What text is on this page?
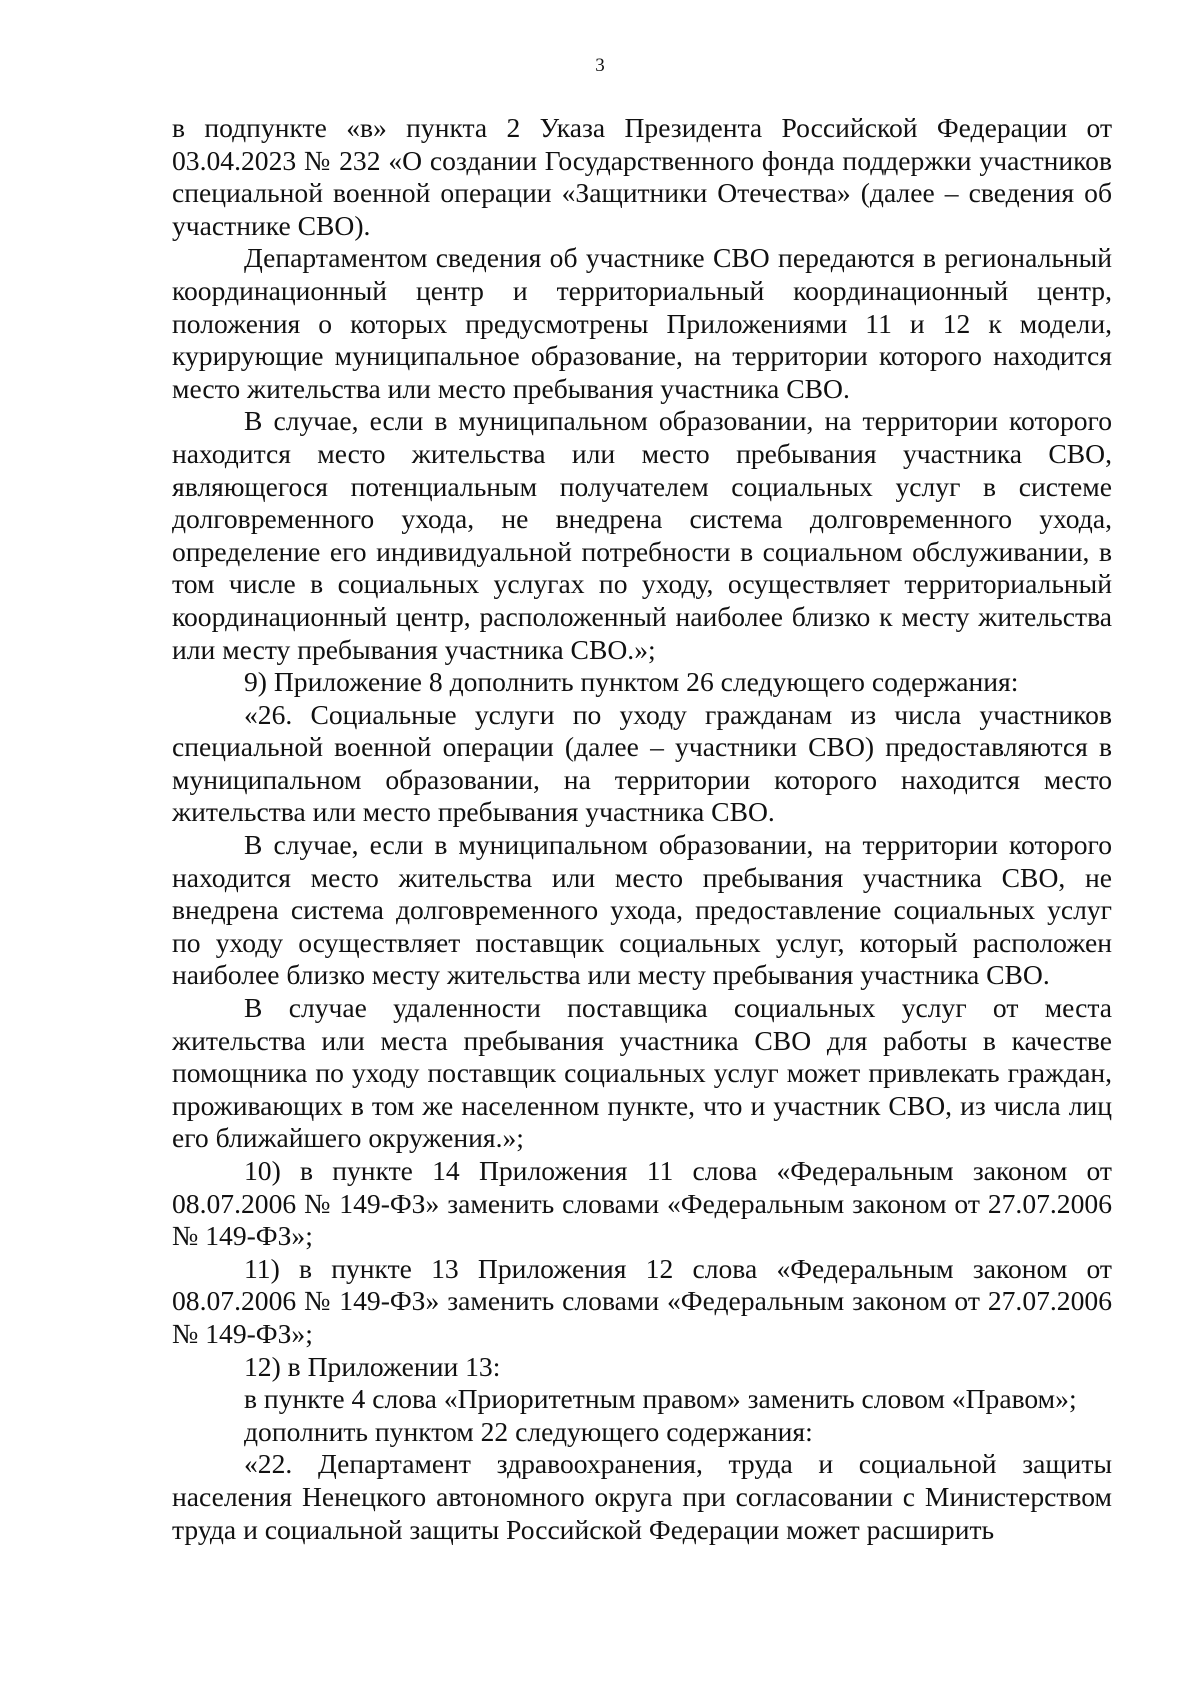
3

в подпункте «в» пункта 2 Указа Президента Российской Федерации от 03.04.2023 № 232 «О создании Государственного фонда поддержки участников специальной военной операции «Защитники Отечества» (далее – сведения об участнике СВО).

Департаментом сведения об участнике СВО передаются в региональный координационный центр и территориальный координационный центр, положения о которых предусмотрены Приложениями 11 и 12 к модели, курирующие муниципальное образование, на территории которого находится место жительства или место пребывания участника СВО.

В случае, если в муниципальном образовании, на территории которого находится место жительства или место пребывания участника СВО, являющегося потенциальным получателем социальных услуг в системе долговременного ухода, не внедрена система долговременного ухода, определение его индивидуальной потребности в социальном обслуживании, в том числе в социальных услугах по уходу, осуществляет территориальный координационный центр, расположенный наиболее близко к месту жительства или месту пребывания участника СВО.»;

9) Приложение 8 дополнить пунктом 26 следующего содержания:

«26. Социальные услуги по уходу гражданам из числа участников специальной военной операции (далее – участники СВО) предоставляются в муниципальном образовании, на территории которого находится место жительства или место пребывания участника СВО.

В случае, если в муниципальном образовании, на территории которого находится место жительства или место пребывания участника СВО, не внедрена система долговременного ухода, предоставление социальных услуг по уходу осуществляет поставщик социальных услуг, который расположен наиболее близко месту жительства или месту пребывания участника СВО.

В случае удаленности поставщика социальных услуг от места жительства или места пребывания участника СВО для работы в качестве помощника по уходу поставщик социальных услуг может привлекать граждан, проживающих в том же населенном пункте, что и участник СВО, из числа лиц его ближайшего окружения.»;

10) в пункте 14 Приложения 11 слова «Федеральным законом от 08.07.2006 № 149-ФЗ» заменить словами «Федеральным законом от 27.07.2006 № 149-ФЗ»;

11) в пункте 13 Приложения 12 слова «Федеральным законом от 08.07.2006 № 149-ФЗ» заменить словами «Федеральным законом от 27.07.2006 № 149-ФЗ»;

12) в Приложении 13:

в пункте 4 слова «Приоритетным правом» заменить словом «Правом»;

дополнить пунктом 22 следующего содержания:

«22. Департамент здравоохранения, труда и социальной защиты населения Ненецкого автономного округа при согласовании с Министерством труда и социальной защиты Российской Федерации может расширить
